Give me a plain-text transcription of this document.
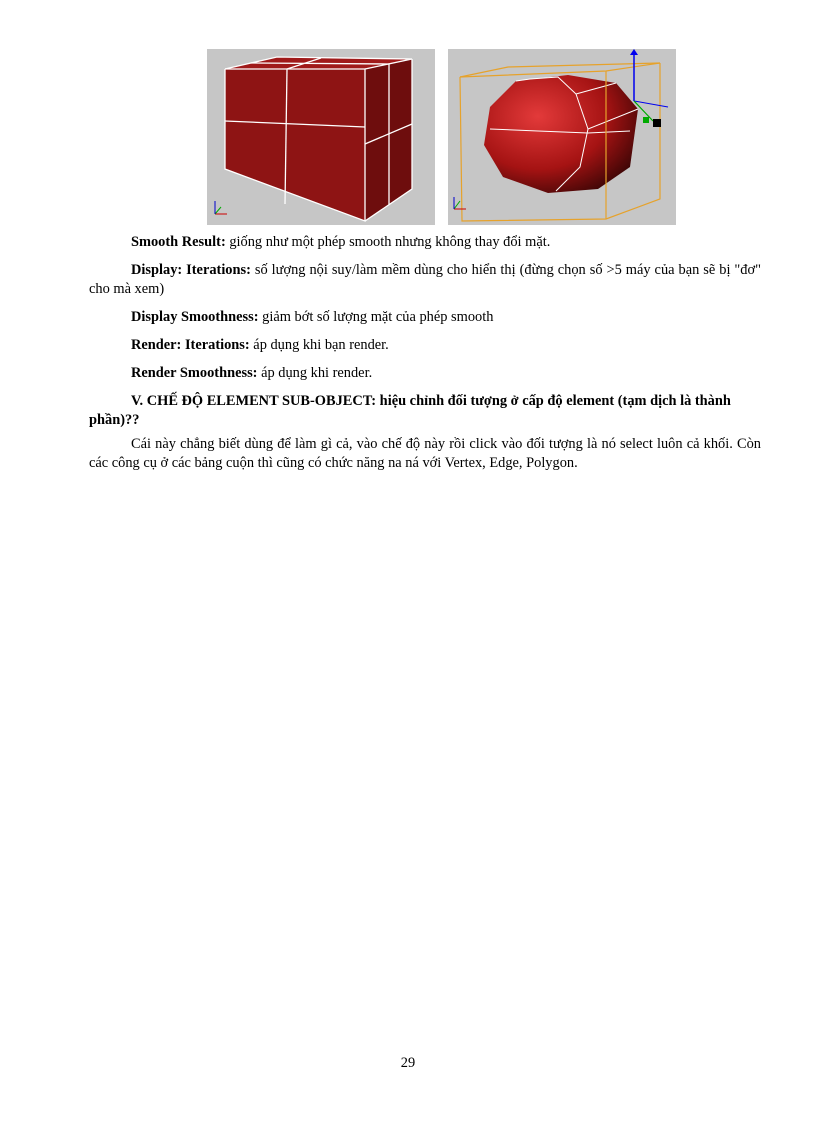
Smooth Result: giống như một phép smooth nhưng không thay đổi mặt.

Display: Iterations: số lượng nội suy/làm mềm dùng cho hiển thị (đừng chọn số >5 máy của bạn sẽ bị "đơ" cho mà xem)

Display Smoothness: giảm bớt số lượng mặt của phép smooth

Render: Iterations: áp dụng khi bạn render.

Render Smoothness: áp dụng khi render.

V. CHẾ ĐỘ ELEMENT SUB-OBJECT: hiệu chỉnh đối tượng ở cấp độ element (tạm dịch là thành phần)??

Cái này chẳng biết dùng để làm gì cả, vào chế độ này rồi click vào đối tượng là nó select luôn cả khối. Còn các công cụ ở các bảng cuộn thì cũng có chức năng na ná với Vertex, Edge, Polygon.

29
